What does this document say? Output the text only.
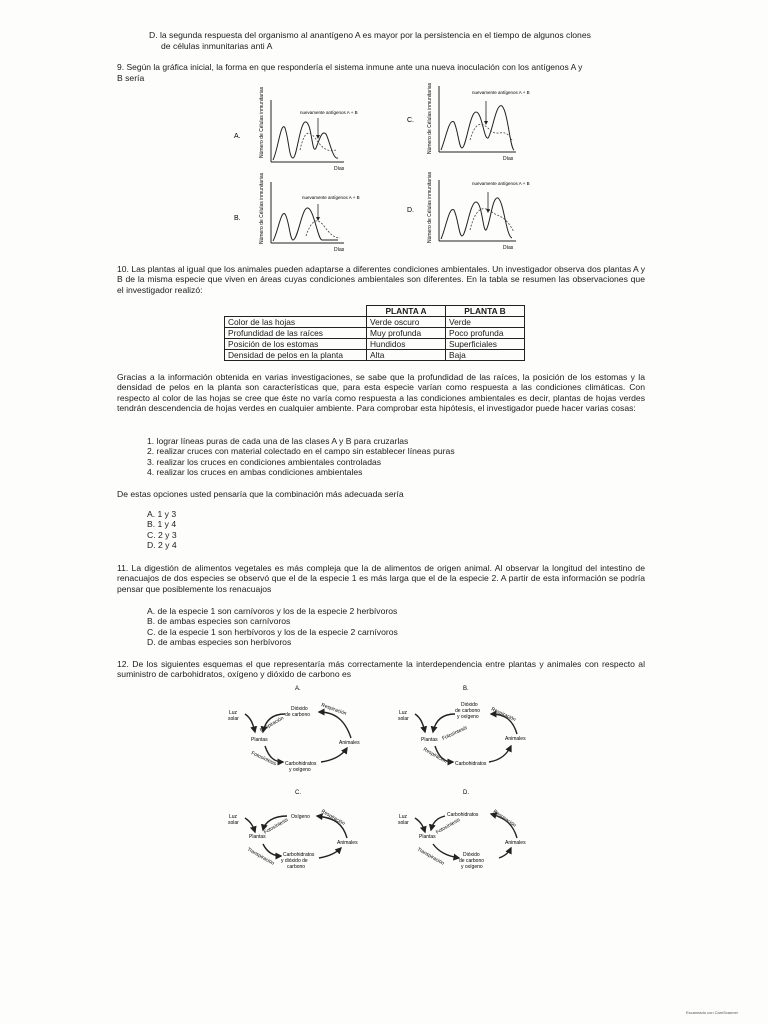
D. la segunda respuesta del organismo al anantígeno A es mayor por la persistencia en el tiempo de algunos clones
de células inmunitarias anti A
9. Según la gráfica inicial, la forma en que respondería el sistema inmune ante una nueva inoculación con los antígenos A y
B sería
A.	Número de Células inmunitarias
Días
nuevamente antígenos A + B
C.	Número de Células inmunitarias
Días
nuevamente antígenos A + B
B.	Número de Células inmunitarias
Días
nuevamente antígenos A + B
D.	Número de Células inmunitarias
Días
nuevamente antígenos A + B
10. Las plantas al igual que los animales pueden adaptarse a diferentes condiciones ambientales. Un investigador observa dos plantas A y B de la misma especie que viven en áreas cuyas condiciones ambientales son diferentes. En la tabla se resumen las observaciones que el investigador realizó:
	PLANTA A	PLANTA B
Color de las hojas	Verde oscuro	Verde
Profundidad de las raíces	Muy profunda	Poco profunda
Posición de los estomas	Hundidos	Superficiales
Densidad de pelos en la planta	Alta	Baja
Gracias a la información obtenida en varias investigaciones, se sabe que la profundidad de las raíces, la posición de los estomas y la densidad de pelos en la planta son características que, para esta especie varían como respuesta a las condiciones climáticas. Con respecto al color de las hojas se cree que éste no varía como respuesta a las condiciones ambientales es decir, plantas de hojas verdes tendrán descendencia de hojas verdes en cualquier ambiente. Para comprobar esta hipótesis, el investigador puede hacer varias cosas:
1. lograr líneas puras de cada una de las clases A y B para cruzarlas
2. realizar cruces con material colectado en el campo sin establecer líneas puras
3. realizar los cruces en condiciones ambientales controladas
4. realizar los cruces en ambas condiciones ambientales
De estas opciones usted pensaría que la combinación más adecuada sería
A. 1 y 3
B. 1 y 4
C. 2 y 3
D. 2 y 4
11. La digestión de alimentos vegetales es más compleja que la de alimentos de origen animal. Al observar la longitud del intestino de renacuajos de dos especies se observó que el de la especie 1 es más larga que el de la especie 2. A partir de esta información se podría pensar que posiblemente los renacuajos
A. de la especie 1 son carnívoros y los de la especie 2 herbívoros
B. de ambas especies son carnívoros
C. de la especie 1 son herbívoros y los de la especie 2 carnívoros
D. de ambas especies son herbívoros
12. De los siguientes esquemas el que representaría más correctamente la interdependencia entre plantas y animales con respecto al suministro de carbohidratos, oxígeno y dióxido de carbono es
A.
Luz
solar
Dióxido
de carbono
Plantas	Animales
Carbohidratos
y oxígeno
Respiración
Respiración
Fotosíntesis
B.
Luz
solar
Dióxido
de carbono
y oxígeno
Plantas	Animales
Carbohidratos
Respiración
Respiración
Fotosíntesis
C.
Luz
solar
Oxígeno
Plantas
Animales
Carbohidratos
y dióxido de
carbono
Respiración
Transpiración
Fotosíntesis
D.
Luz
solar
Carbohidratos
Plantas
Animales
Dióxido
de carbono
y oxígeno
Respiración
Transpiración
Fotosíntesis
Escaneado con CamScanner
